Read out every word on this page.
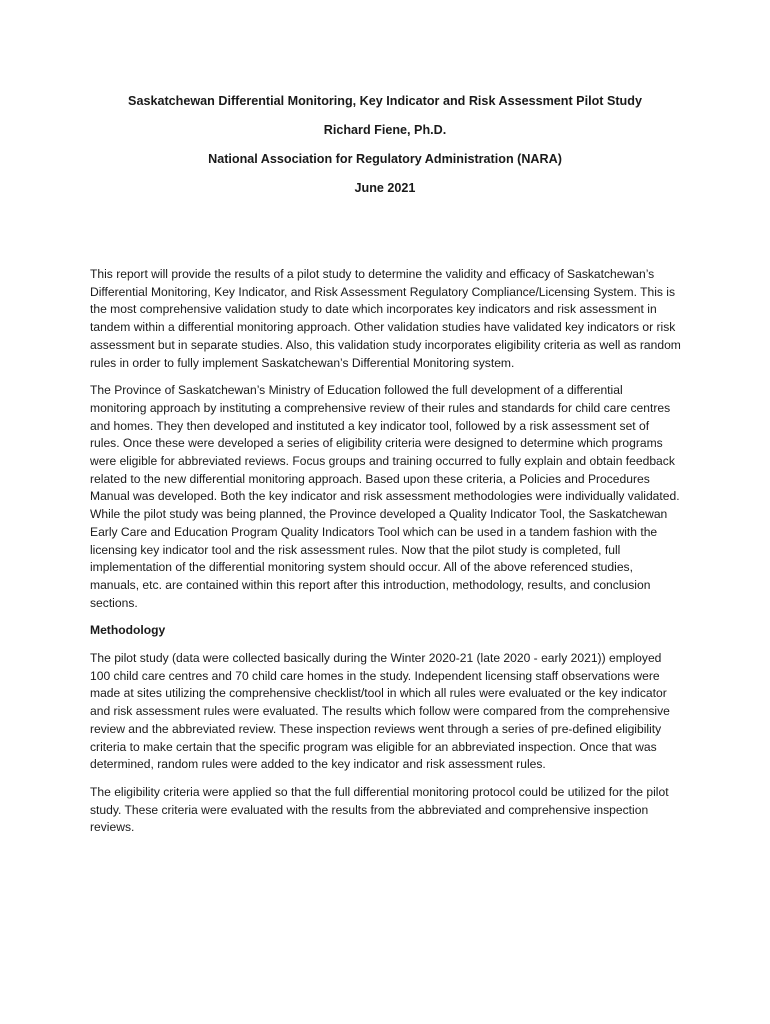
Saskatchewan Differential Monitoring, Key Indicator and Risk Assessment Pilot Study

Richard Fiene, Ph.D.

National Association for Regulatory Administration (NARA)

June 2021

This report will provide the results of a pilot study to determine the validity and efficacy of Saskatchewan’s Differential Monitoring, Key Indicator, and Risk Assessment Regulatory Compliance/Licensing System. This is the most comprehensive validation study to date which incorporates key indicators and risk assessment in tandem within a differential monitoring approach. Other validation studies have validated key indicators or risk assessment but in separate studies. Also, this validation study incorporates eligibility criteria as well as random rules in order to fully implement Saskatchewan’s Differential Monitoring system.

The Province of Saskatchewan’s Ministry of Education followed the full development of a differential monitoring approach by instituting a comprehensive review of their rules and standards for child care centres and homes. They then developed and instituted a key indicator tool, followed by a risk assessment set of rules. Once these were developed a series of eligibility criteria were designed to determine which programs were eligible for abbreviated reviews. Focus groups and training occurred to fully explain and obtain feedback related to the new differential monitoring approach. Based upon these criteria, a Policies and Procedures Manual was developed. Both the key indicator and risk assessment methodologies were individually validated. While the pilot study was being planned, the Province developed a Quality Indicator Tool, the Saskatchewan Early Care and Education Program Quality Indicators Tool which can be used in a tandem fashion with the licensing key indicator tool and the risk assessment rules. Now that the pilot study is completed, full implementation of the differential monitoring system should occur. All of the above referenced studies, manuals, etc. are contained within this report after this introduction, methodology, results, and conclusion sections.

Methodology

The pilot study (data were collected basically during the Winter 2020-21 (late 2020 - early 2021)) employed 100 child care centres and 70 child care homes in the study. Independent licensing staff observations were made at sites utilizing the comprehensive checklist/tool in which all rules were evaluated or the key indicator and risk assessment rules were evaluated. The results which follow were compared from the comprehensive review and the abbreviated review. These inspection reviews went through a series of pre-defined eligibility criteria to make certain that the specific program was eligible for an abbreviated inspection. Once that was determined, random rules were added to the key indicator and risk assessment rules.

The eligibility criteria were applied so that the full differential monitoring protocol could be utilized for the pilot study. These criteria were evaluated with the results from the abbreviated and comprehensive inspection reviews.
